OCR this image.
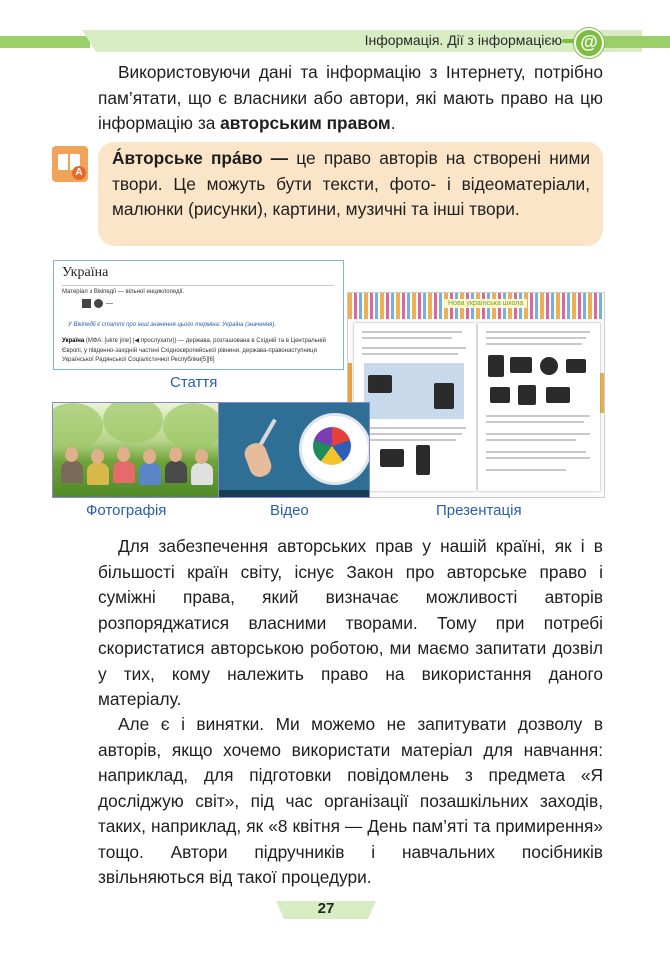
Інформація. Дії з інформацією	@

Використовуючи дані та інформацію з Інтернету, потрібно пам’ятати, що є власники або автори, які мають право на цю інформацію за авторським правом.

A
Áвторське прáво — це право авторів на створені ними твори. Це можуть бути тексти, фото- і відеоматеріали, малюнки (рисунки), картини, музичні та інші твори.
Україна
Матеріал з Вікіпедії — вільної енциклопедії.
—
У Вікіпедії є статті про інші значення цього терміна: Україна (значення).
Україна (МФА: [ukrɐˈjinɐ] (◀ прослухати)) — держава, розташована в Східній та в Центральній Європі, у південно-західній частині Східноєвропейської рівнини, держава-правонаступниця Української Радянської Соціалістичної Республіки[5][6]
Стаття
Нова українська школа
Фотографія	Відео	Презентація

Для забезпечення авторських прав у нашій країні, як і в більшості країн світу, існує Закон про авторське право і суміжні права, який визначає можливості авторів розпоряджатися власними творами. Тому при потребі скористатися авторською роботою, ми маємо запитати дозвіл у тих, кому належить право на використання даного матеріалу.

Але є і винятки. Ми можемо не запитувати дозволу в авторів, якщо хочемо використати матеріал для навчання: наприклад, для підготовки повідомлень з предмета «Я досліджую світ», під час організації позашкільних заходів, таких, наприклад, як «8 квітня — День пам’яті та примирення» тощо. Автори підручників і навчальних посібників звільняються від такої процедури.

27
